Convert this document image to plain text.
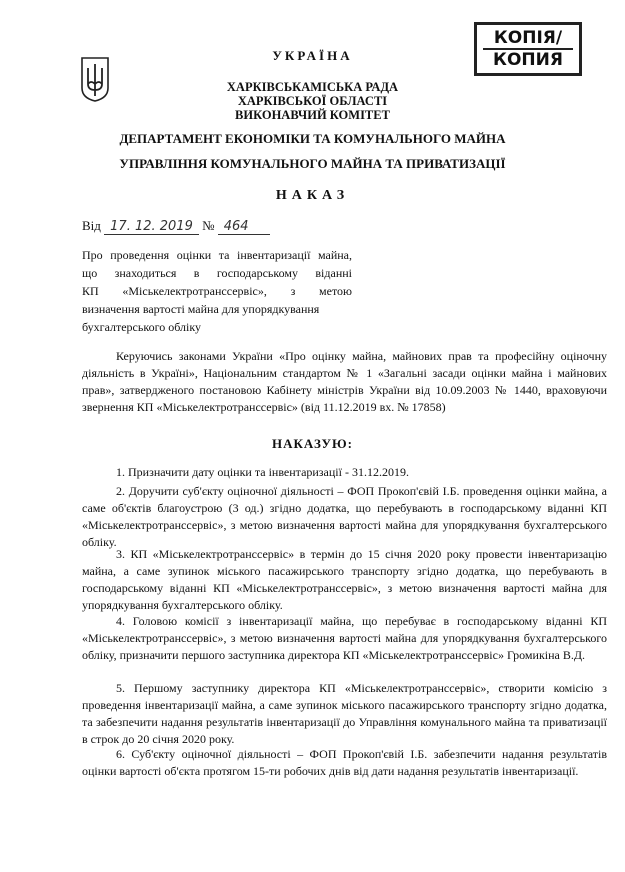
УКРАЇНА
ХАРКІВСЬКАМІСЬКА РАДА
ХАРКІВСЬКОЇ ОБЛАСТІ
ВИКОНАВЧИЙ КОМІТЕТ
КОПІЯ/
КОПИЯ
ДЕПАРТАМЕНТ ЕКОНОМІКИ ТА КОМУНАЛЬНОГО МАЙНА
УПРАВЛІННЯ КОМУНАЛЬНОГО МАЙНА ТА ПРИВАТИЗАЦІЇ
НАКАЗ
Від 17. 12. 2019 № 464
Про проведення оцінки та інвентаризації майна,
що знаходиться в господарському віданні
КП «Міськелектротранссервіс», з метою
визначення вартості майна для упорядкування
бухгалтерського обліку
Керуючись законами України «Про оцінку майна, майнових прав та професійну оціночну діяльність в Україні», Національним стандартом № 1 «Загальні засади оцінки майна і майнових прав», затвердженого постановою Кабінету міністрів України від 10.09.2003 № 1440, враховуючи звернення КП «Міськелектротранссервіс» (від 11.12.2019 вх. № 17858)
НАКАЗУЮ:
1. Призначити дату оцінки та інвентаризації - 31.12.2019.
2. Доручити суб'єкту оціночної діяльності – ФОП Прокоп'євій І.Б. проведення оцінки майна, а саме об'єктів благоустрою (3 од.) згідно додатка, що перебувають в господарському віданні КП «Міськелектротранссервіс», з метою визначення вартості майна для упорядкування бухгалтерського обліку.
3. КП «Міськелектротранссервіс» в термін до 15 січня 2020 року провести інвентаризацію майна, а саме зупинок міського пасажирського транспорту згідно додатка, що перебувають в господарському віданні КП «Міськелектротранссервіс», з метою визначення вартості майна для упорядкування бухгалтерського обліку.
4. Головою комісії з інвентаризації майна, що перебуває в господарському віданні КП «Міськелектротранссервіс», з метою визначення вартості майна для упорядкування бухгалтерського обліку, призначити першого заступника директора КП «Міськелектротранссервіс» Громикіна В.Д.
5. Першому заступнику директора КП «Міськелектротранссервіс», створити комісію з проведення інвентаризації майна, а саме зупинок міського пасажирського транспорту згідно додатка, та забезпечити надання результатів інвентаризації до Управління комунального майна та приватизації в строк до 20 січня 2020 року.
6. Суб'єкту оціночної діяльності – ФОП Прокоп'євій І.Б. забезпечити надання результатів оцінки вартості об'єкта протягом 15-ти робочих днів від дати надання результатів інвентаризації.
